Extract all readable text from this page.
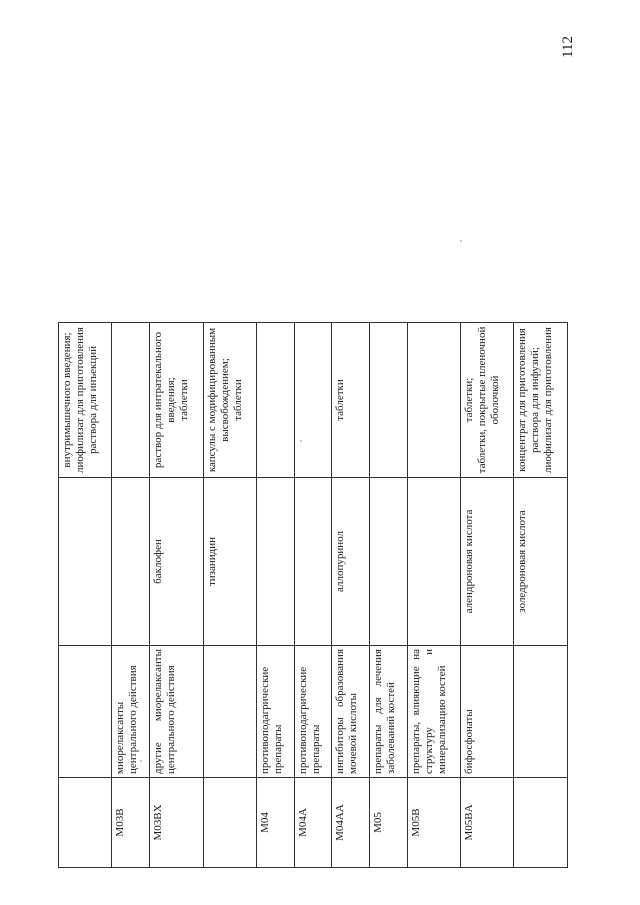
112
			внутримышечного введения;
лиофилизат для приготовления раствора для инъекций
M03B	миорелаксанты центрального действия		
M03BX	другие миорелаксанты центрального действия	баклофен	раствор для интратекального введения;
таблетки
		тизанидин	капсулы с модифицированным высвобождением;
таблетки
M04	противоподагрические препараты		
M04A	противоподагрические препараты		
M04AA	ингибиторы образования мочевой кислоты	аллопуринол	таблетки
M05	препараты для лечения заболеваний костей		
M05B	препараты, влияющие на структуру и минерализацию костей		
M05BA	бифосфонаты	алендроновая кислота	таблетки;
таблетки, покрытые пленочной оболочкой
		золедроновая кислота	концентрат для приготовления раствора для инфузий;
лиофилизат для приготовления
